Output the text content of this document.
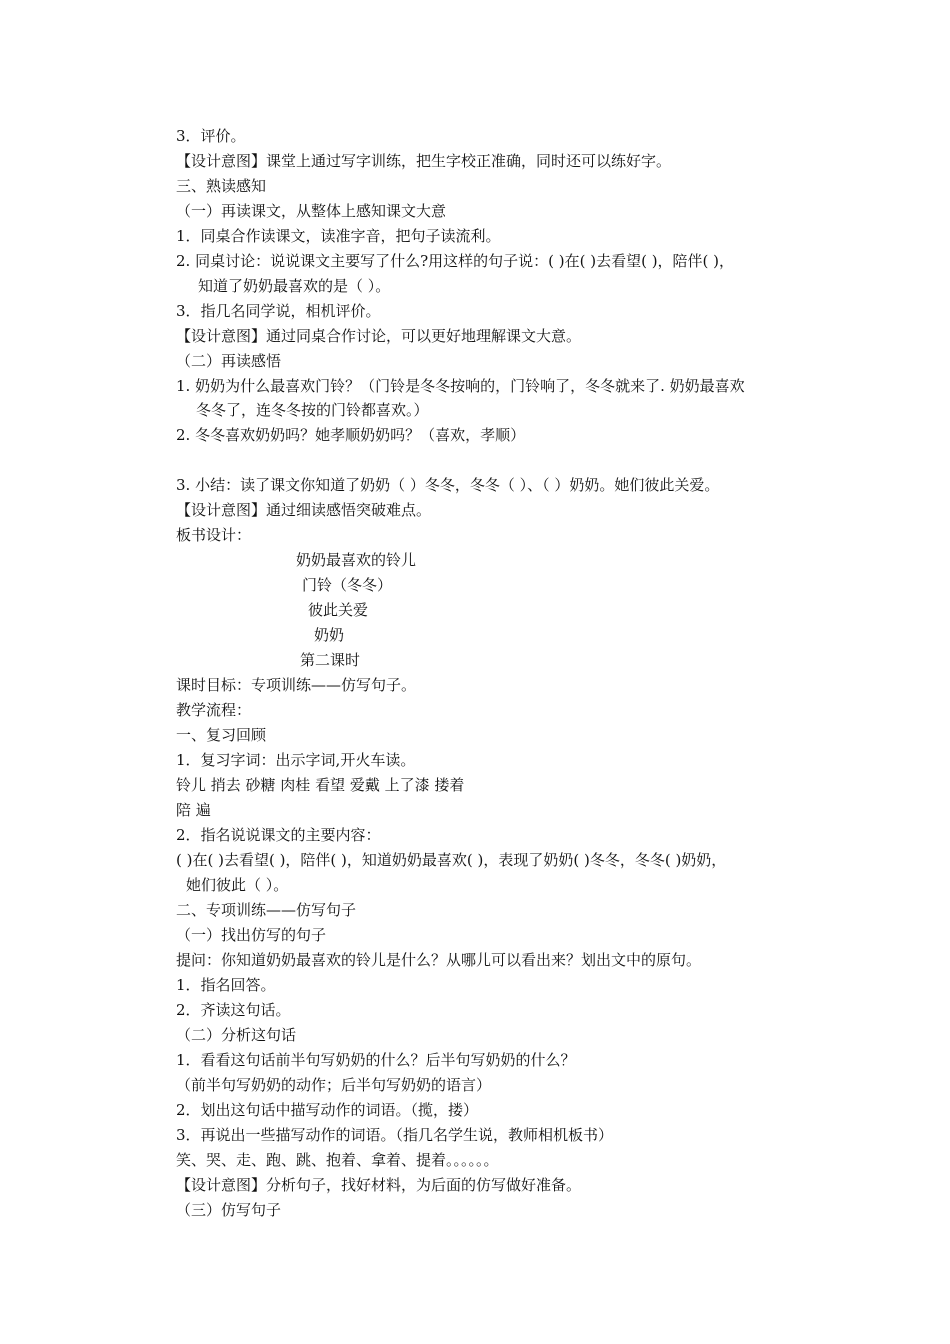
3．评价。
【设计意图】课堂上通过写字训练，把生字校正准确，同时还可以练好字。
三、熟读感知
（一）再读课文，从整体上感知课文大意
1．同桌合作读课文，读准字音，把句子读流利。
2. 同桌讨论：说说课文主要写了什么?用这样的句子说：( )在( )去看望( )，陪伴( )，
知道了奶奶最喜欢的是（ ）。
3．指几名同学说，相机评价。
【设计意图】通过同桌合作讨论，可以更好地理解课文大意。
（二）再读感悟
1. 奶奶为什么最喜欢门铃？（门铃是冬冬按响的，门铃响了，冬冬就来了. 奶奶最喜欢
冬冬了，连冬冬按的门铃都喜欢。）
2. 冬冬喜欢奶奶吗？她孝顺奶奶吗？（喜欢，孝顺）
3. 小结：读了课文你知道了奶奶（ ）冬冬，冬冬（ ）、（ ）奶奶。她们彼此关爱。
【设计意图】通过细读感悟突破难点。
板书设计：
奶奶最喜欢的铃儿
门铃（冬冬）
彼此关爱
奶奶
第二课时
课时目标：专项训练——仿写句子。
教学流程：
一、复习回顾
1．复习字词：出示字词,开火车读。
铃儿 捎去 砂糖 肉桂 看望 爱戴 上了漆 搂着
陪 遍
2．指名说说课文的主要内容：
( )在( )去看望( )，陪伴( )，知道奶奶最喜欢( )，表现了奶奶( )冬冬，冬冬( )奶奶，
她们彼此（ ）。
二、专项训练——仿写句子
（一）找出仿写的句子
提问：你知道奶奶最喜欢的铃儿是什么？从哪儿可以看出来？划出文中的原句。
1．指名回答。
2．齐读这句话。
（二）分析这句话
1．看看这句话前半句写奶奶的什么？后半句写奶奶的什么？
（前半句写奶奶的动作；后半句写奶奶的语言）
2．划出这句话中描写动作的词语。（揽，搂）
3．再说出一些描写动作的词语。（指几名学生说，教师相机板书）
笑、哭、走、跑、跳、抱着、拿着、提着。。。。。。
【设计意图】分析句子，找好材料，为后面的仿写做好准备。
（三）仿写句子
